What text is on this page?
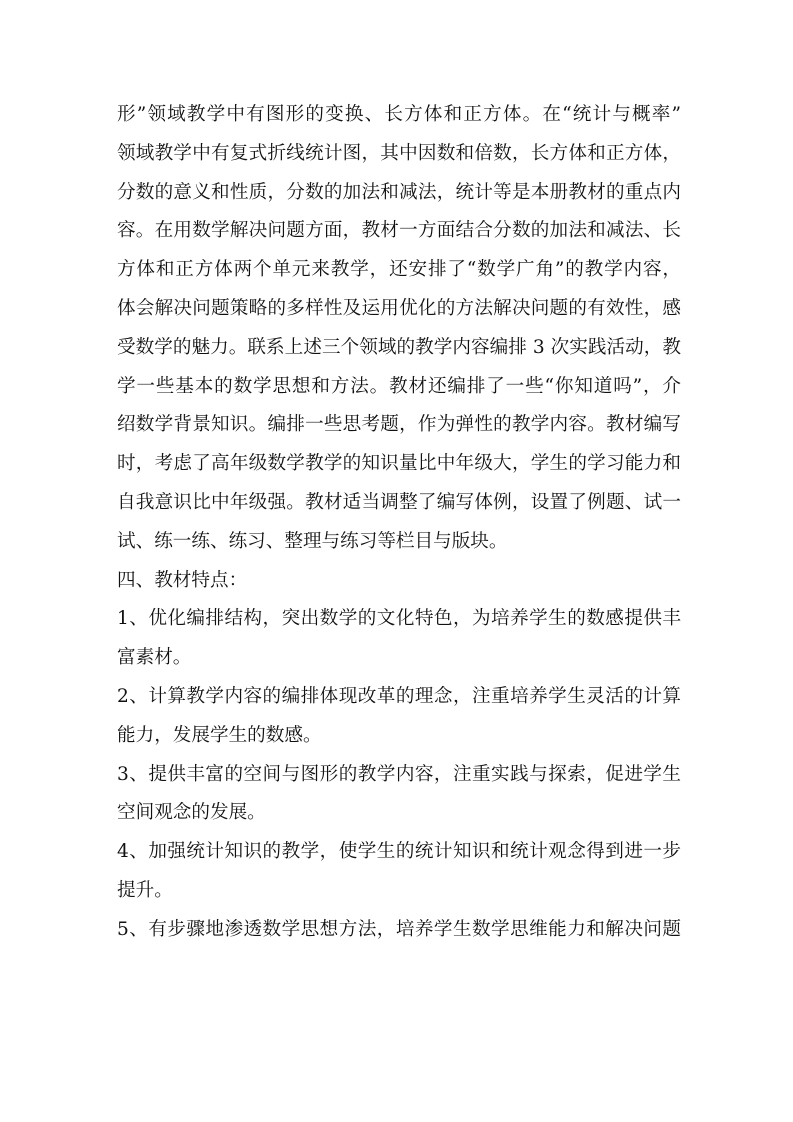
形”领域教学中有图形的变换、长方体和正方体。在“统计与概率”
领域教学中有复式折线统计图，其中因数和倍数，长方体和正方体，
分数的意义和性质，分数的加法和减法，统计等是本册教材的重点内
容。在用数学解决问题方面，教材一方面结合分数的加法和减法、长
方体和正方体两个单元来教学，还安排了“数学广角”的教学内容，
体会解决问题策略的多样性及运用优化的方法解决问题的有效性，感
受数学的魅力。联系上述三个领域的教学内容编排 3 次实践活动，教
学一些基本的数学思想和方法。教材还编排了一些“你知道吗”，介
绍数学背景知识。编排一些思考题，作为弹性的教学内容。教材编写
时，考虑了高年级数学教学的知识量比中年级大，学生的学习能力和
自我意识比中年级强。教材适当调整了编写体例，设置了例题、试一
试、练一练、练习、整理与练习等栏目与版块。
四、教材特点：
1、优化编排结构，突出数学的文化特色，为培养学生的数感提供丰
富素材。
2、计算教学内容的编排体现改革的理念，注重培养学生灵活的计算
能力，发展学生的数感。
3、提供丰富的空间与图形的教学内容，注重实践与探索，促进学生
空间观念的发展。
4、加强统计知识的教学，使学生的统计知识和统计观念得到进一步
提升。
5、有步骤地渗透数学思想方法，培养学生数学思维能力和解决问题
